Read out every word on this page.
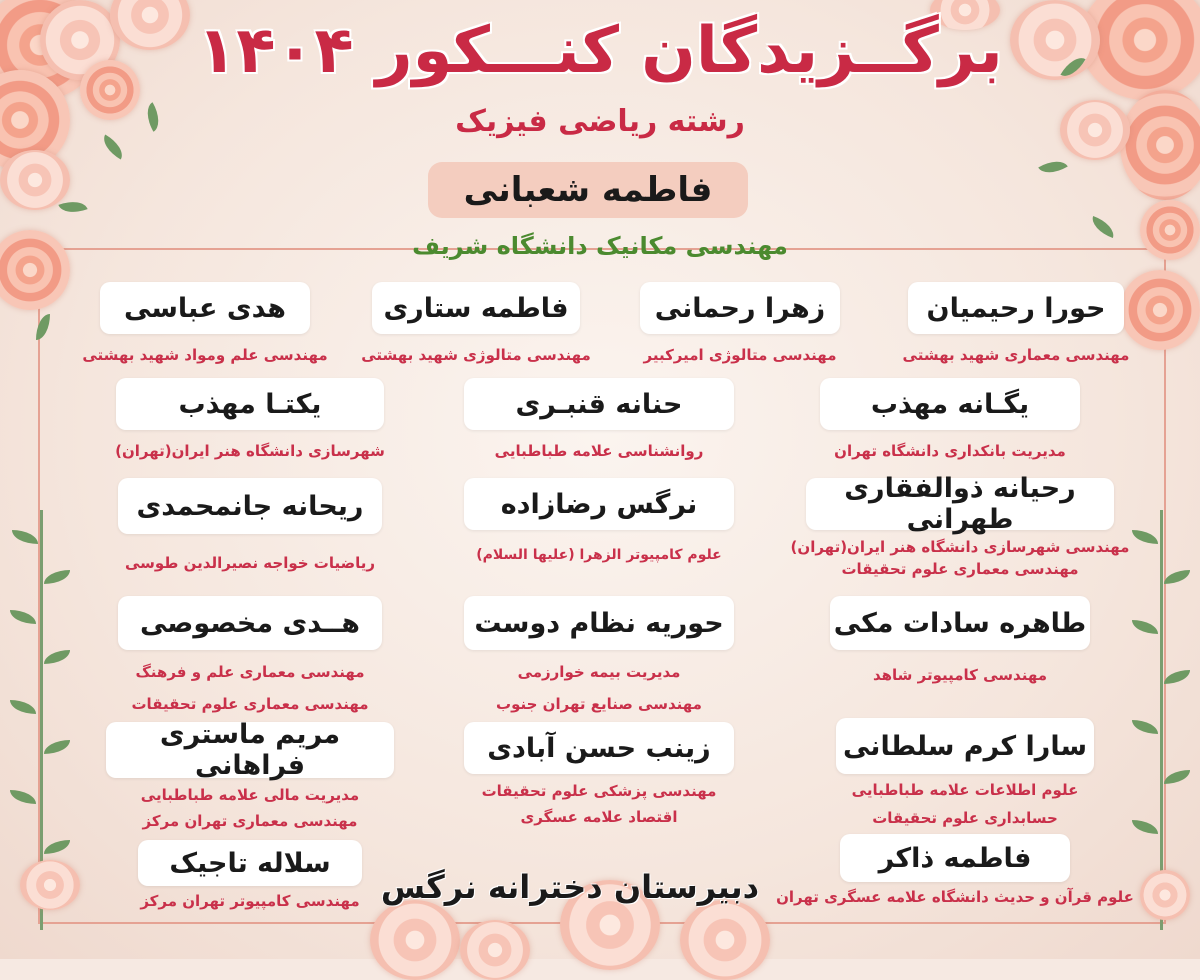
برگــزیدگان کنـــکور ۱۴۰۴
رشته ریاضی فیزیک
فاطمه شعبانی
مهندسی مکانیک دانشگاه شریف
حورا رحیمیان
مهندسی معماری شهید بهشتی
زهرا رحمانی
مهندسی متالوژی امیرکبیر
فاطمه ستاری
مهندسی متالوژی شهید بهشتی
هدی عباسی
مهندسی علم ومواد شهید بهشتی
یگـانه مهذب
مدیریت بانکداری دانشگاه تهران
حنانه قنبـری
روانشناسی علامه طباطبایی
یکتـا مهذب
شهرسازی دانشگاه هنر ایران(تهران)
رحیانه ذوالفقاری طهرانی
مهندسی شهرسازی دانشگاه هنر ایران(تهران)
مهندسی معماری علوم تحقیقات
نرگس رضازاده
علوم کامپیوتر الزهرا (علیها السلام)
ریحانه جانمحمدی
ریاضیات خواجه نصیرالدین طوسی
طاهره سادات مکی
مهندسی کامپیوتر شاهد
حوریه نظام دوست
مدیریت بیمه خوارزمی
مهندسی صنایع تهران جنوب
هــدی مخصوصی
مهندسی معماری علم و فرهنگ
مهندسی معماری علوم تحقیقات
سارا کرم سلطانی
علوم اطلاعات علامه طباطبایی
حسابداری علوم تحقیقات
زینب حسن آبادی
مهندسی پزشکی علوم تحقیقات
اقتصاد علامه عسگری
مریم ماستری فراهانی
مدیریت مالی علامه طباطبایی
مهندسی معماری تهران مرکز
فاطمه ذاکر
علوم قرآن و حدیث دانشگاه علامه عسگری تهران
سلاله تاجیک
مهندسی کامپیوتر تهران مرکز دبیرستان دخترانه نرگس
